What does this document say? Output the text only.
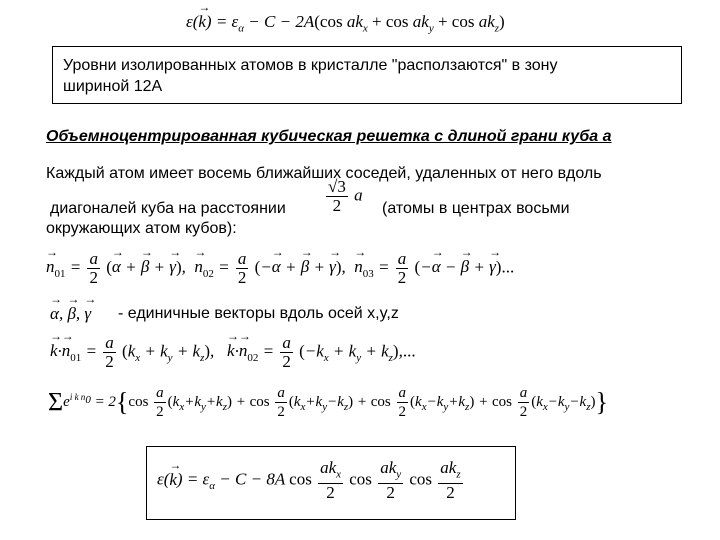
$\varepsilon(\to k) = \varepsilon_\alpha - C - 2A(\cos$ $ak_x + \cos ak_y + \cos ak_z$)
Уровни изолированных атомов в кристалле "расползаются" в зону
шириной 12A
Объемноцентрированная кубическая решетка с длиной грани куба a
Каждый атом имеет восемь ближайших соседей, удаленных от него вдоль
диагоналей куба на расстоянии $\frac{√3}{2}$ a
(атомы в центрах восьми
окружающих атом кубов):
→ $n_{01} = \frac{a}{2}$ (→ α + → β + → γ),  → $n_{02} = \frac{a}{2}$ (−→ α + → β + → γ),  → $n_{03} = \frac{a}{2}$ (−→ α − → β + → γ)...
→ α, → β, → γ - единичные векторы вдоль осей x,y,z
→ $k\cdot\to n_{01} = \frac{a}{2} (k_x + k_y + k_z)$,   → $k\cdot\to n_{02} = \frac{a}{2} (-k_x + k_y + k_z)$,...
$\Sigma e^{i k n_0} = 2\{\cos \frac{a}{2} (k_x+k_y+k_z) + \cos \frac{a}{2} (k_x+k_y-k_z) + \cos \frac{a}{2} (k_x-k_y+k_z) + \cos \frac{a}{2} (k_x-k_y-k_z)\}$
$\varepsilon(\to k) = \varepsilon_\alpha - C - 8A$ $\cos \frac{ak_x}{2}$ $\cos \frac{ak_y}{2}$ $\cos \frac{ak_z}{2}$
